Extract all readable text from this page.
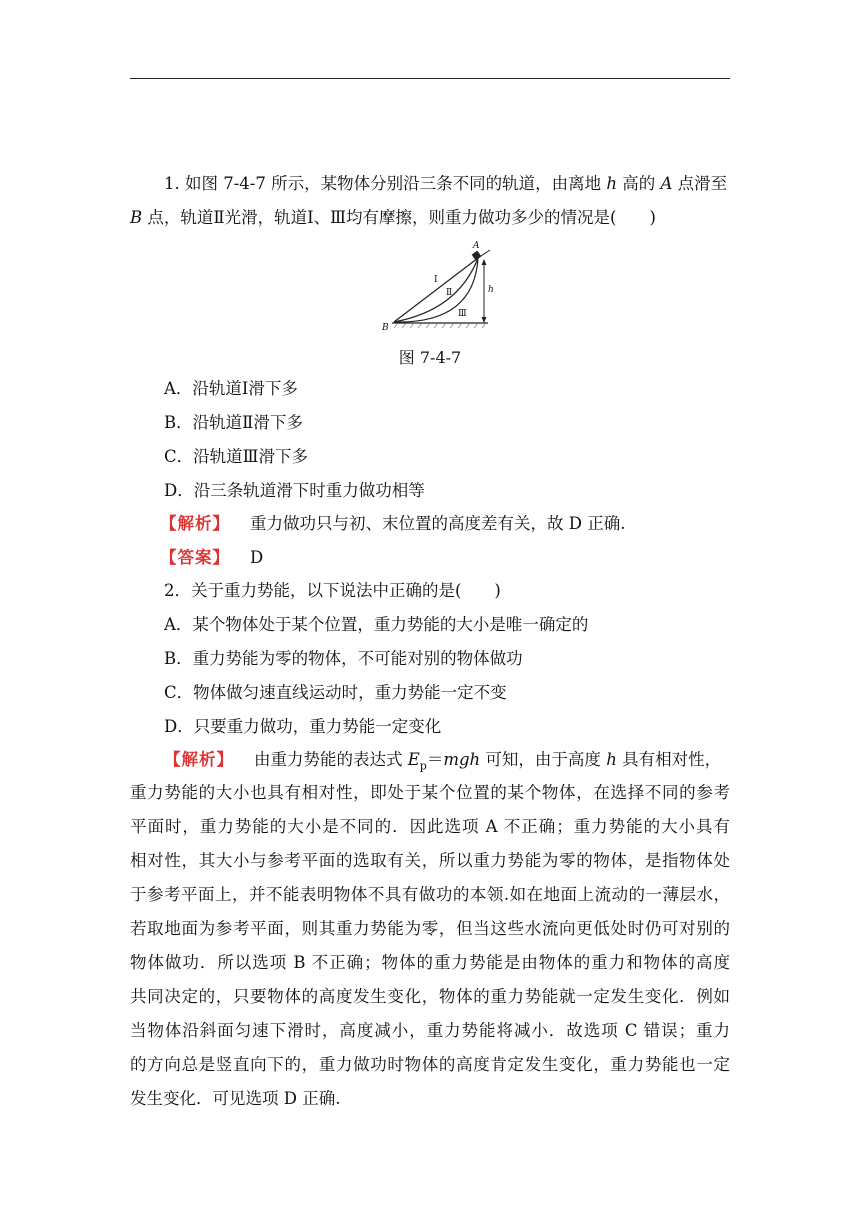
1. 如图 7-4-7 所示，某物体分别沿三条不同的轨道，由离地 h 高的 A 点滑至
B 点，轨道Ⅱ光滑，轨道Ⅰ、Ⅲ均有摩擦，则重力做功多少的情况是(　　)
A
B
h
Ⅰ
Ⅱ
Ⅲ
图 7-4-7
A．沿轨道Ⅰ滑下多
B．沿轨道Ⅱ滑下多
C．沿轨道Ⅲ滑下多
D．沿三条轨道滑下时重力做功相等
【解析】 重力做功只与初、末位置的高度差有关，故 D 正确.
【答案】 D
2．关于重力势能，以下说法中正确的是(　　)
A．某个物体处于某个位置，重力势能的大小是唯一确定的
B．重力势能为零的物体，不可能对别的物体做功
C．物体做匀速直线运动时，重力势能一定不变
D．只要重力做功，重力势能一定变化
【解析】 由重力势能的表达式 $E_p=mgh$ 可知，由于高度 h 具有相对性，
重力势能的大小也具有相对性，即处于某个位置的某个物体，在选择不同的参考
平面时，重力势能的大小是不同的．因此选项 A 不正确；重力势能的大小具有
相对性，其大小与参考平面的选取有关，所以重力势能为零的物体，是指物体处
于参考平面上，并不能表明物体不具有做功的本领.如在地面上流动的一薄层水，
若取地面为参考平面，则其重力势能为零，但当这些水流向更低处时仍可对别的
物体做功．所以选项 B 不正确；物体的重力势能是由物体的重力和物体的高度
共同决定的，只要物体的高度发生变化，物体的重力势能就一定发生变化．例如
当物体沿斜面匀速下滑时，高度减小，重力势能将减小．故选项 C 错误；重力
的方向总是竖直向下的，重力做功时物体的高度肯定发生变化，重力势能也一定
发生变化．可见选项 D 正确.
